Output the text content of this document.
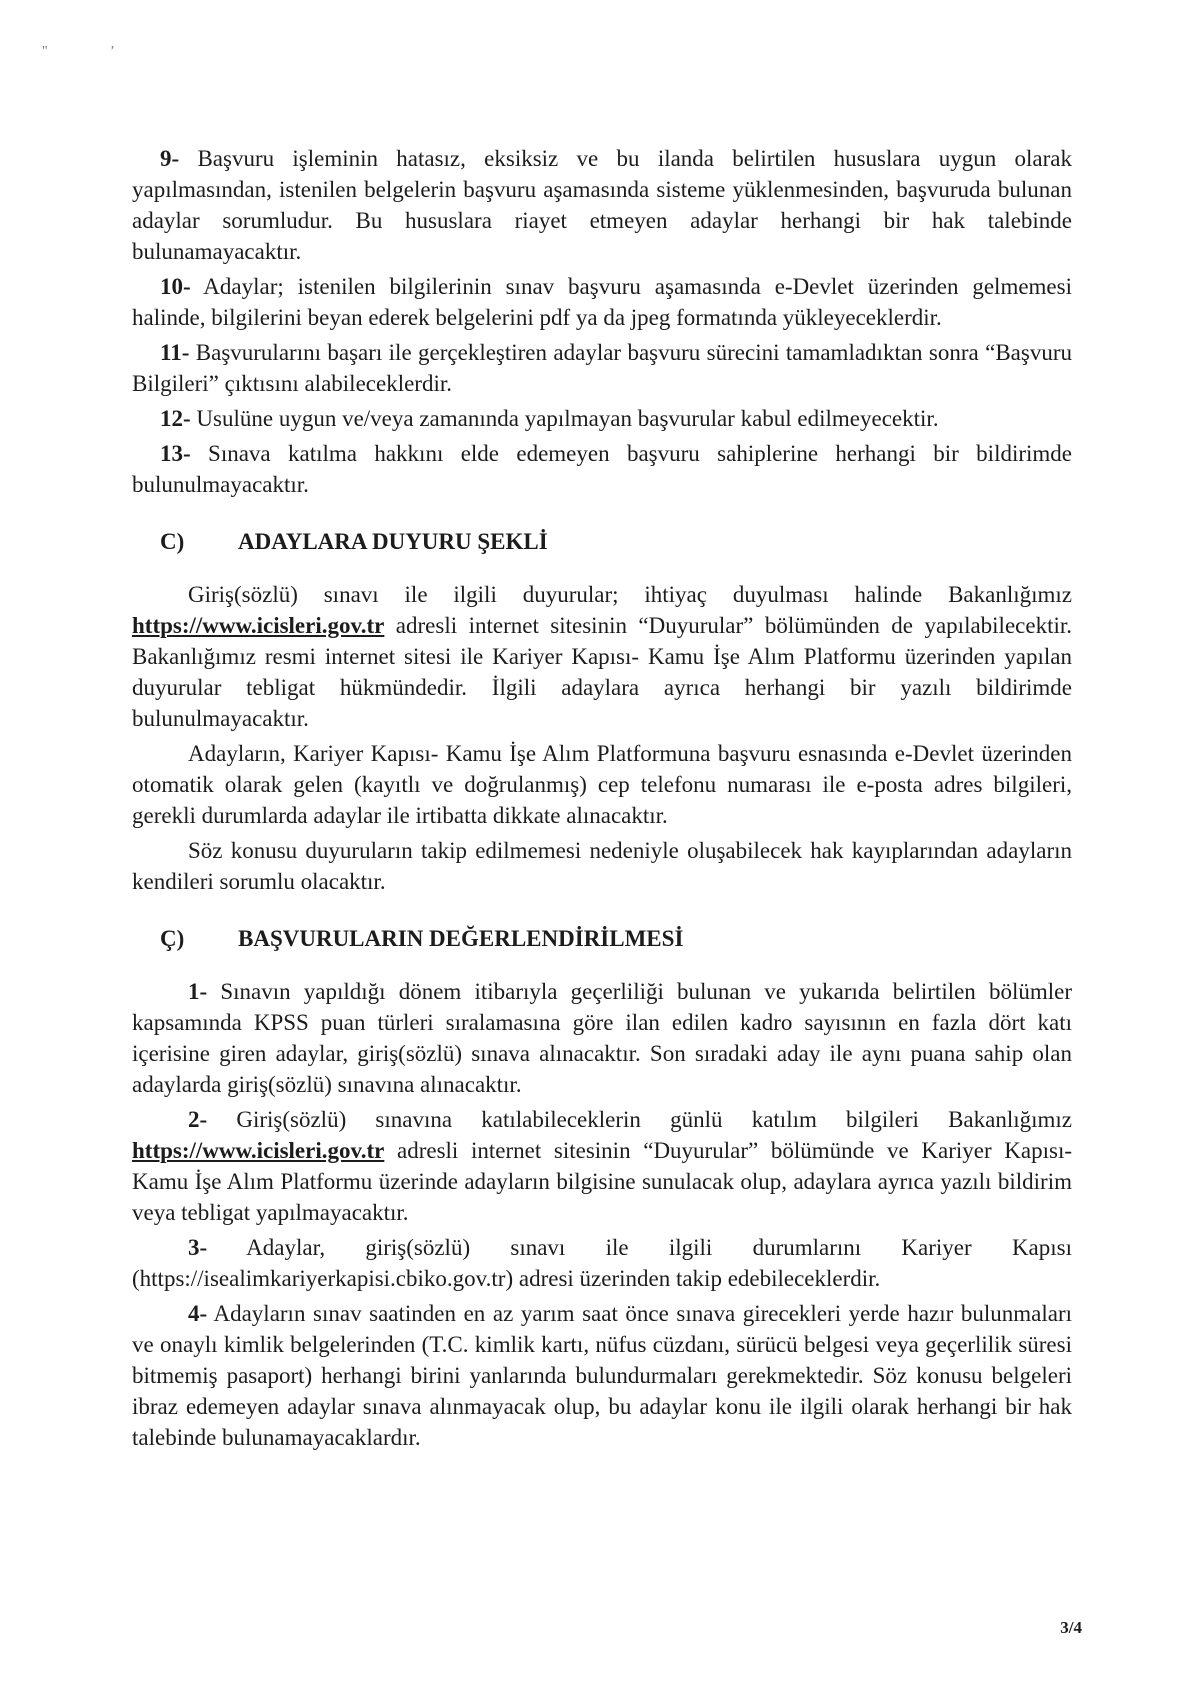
"	’

9- Başvuru işleminin hatasız, eksiksiz ve bu ilanda belirtilen hususlara uygun olarak yapılmasından, istenilen belgelerin başvuru aşamasında sisteme yüklenmesinden, başvuruda bulunan adaylar sorumludur. Bu hususlara riayet etmeyen adaylar herhangi bir hak talebinde bulunamayacaktır.

10- Adaylar; istenilen bilgilerinin sınav başvuru aşamasında e-Devlet üzerinden gelmemesi halinde, bilgilerini beyan ederek belgelerini pdf ya da jpeg formatında yükleyeceklerdir.

11- Başvurularını başarı ile gerçekleştiren adaylar başvuru sürecini tamamladıktan sonra “Başvuru Bilgileri” çıktısını alabileceklerdir.

12- Usulüne uygun ve/veya zamanında yapılmayan başvurular kabul edilmeyecektir.

13- Sınava katılma hakkını elde edemeyen başvuru sahiplerine herhangi bir bildirimde bulunulmayacaktır.

C) ADAYLARA DUYURU ŞEKLİ

Giriş(sözlü) sınavı ile ilgili duyurular; ihtiyaç duyulması halinde Bakanlığımız https://www.icisleri.gov.tr adresli internet sitesinin “Duyurular” bölümünden de yapılabilecektir. Bakanlığımız resmi internet sitesi ile Kariyer Kapısı- Kamu İşe Alım Platformu üzerinden yapılan duyurular tebligat hükmündedir. İlgili adaylara ayrıca herhangi bir yazılı bildirimde bulunulmayacaktır.

Adayların, Kariyer Kapısı- Kamu İşe Alım Platformuna başvuru esnasında e-Devlet üzerinden otomatik olarak gelen (kayıtlı ve doğrulanmış) cep telefonu numarası ile e-posta adres bilgileri, gerekli durumlarda adaylar ile irtibatta dikkate alınacaktır.

Söz konusu duyuruların takip edilmemesi nedeniyle oluşabilecek hak kayıplarından adayların kendileri sorumlu olacaktır.

Ç) BAŞVURULARIN DEĞERLENDİRİLMESİ

1- Sınavın yapıldığı dönem itibarıyla geçerliliği bulunan ve yukarıda belirtilen bölümler kapsamında KPSS puan türleri sıralamasına göre ilan edilen kadro sayısının en fazla dört katı içerisine giren adaylar, giriş(sözlü) sınava alınacaktır. Son sıradaki aday ile aynı puana sahip olan adaylarda giriş(sözlü) sınavına alınacaktır.

2- Giriş(sözlü) sınavına katılabileceklerin günlü katılım bilgileri Bakanlığımız https://www.icisleri.gov.tr adresli internet sitesinin “Duyurular” bölümünde ve Kariyer Kapısı- Kamu İşe Alım Platformu üzerinde adayların bilgisine sunulacak olup, adaylara ayrıca yazılı bildirim veya tebligat yapılmayacaktır.

3- Adaylar, giriş(sözlü) sınavı ile ilgili durumlarını Kariyer Kapısı (https://isealimkariyerkapisi.cbiko.gov.tr) adresi üzerinden takip edebileceklerdir.

4- Adayların sınav saatinden en az yarım saat önce sınava girecekleri yerde hazır bulunmaları ve onaylı kimlik belgelerinden (T.C. kimlik kartı, nüfus cüzdanı, sürücü belgesi veya geçerlilik süresi bitmemiş pasaport) herhangi birini yanlarında bulundurmaları gerekmektedir. Söz konusu belgeleri ibraz edemeyen adaylar sınava alınmayacak olup, bu adaylar konu ile ilgili olarak herhangi bir hak talebinde bulunamayacaklardır.

3/4
